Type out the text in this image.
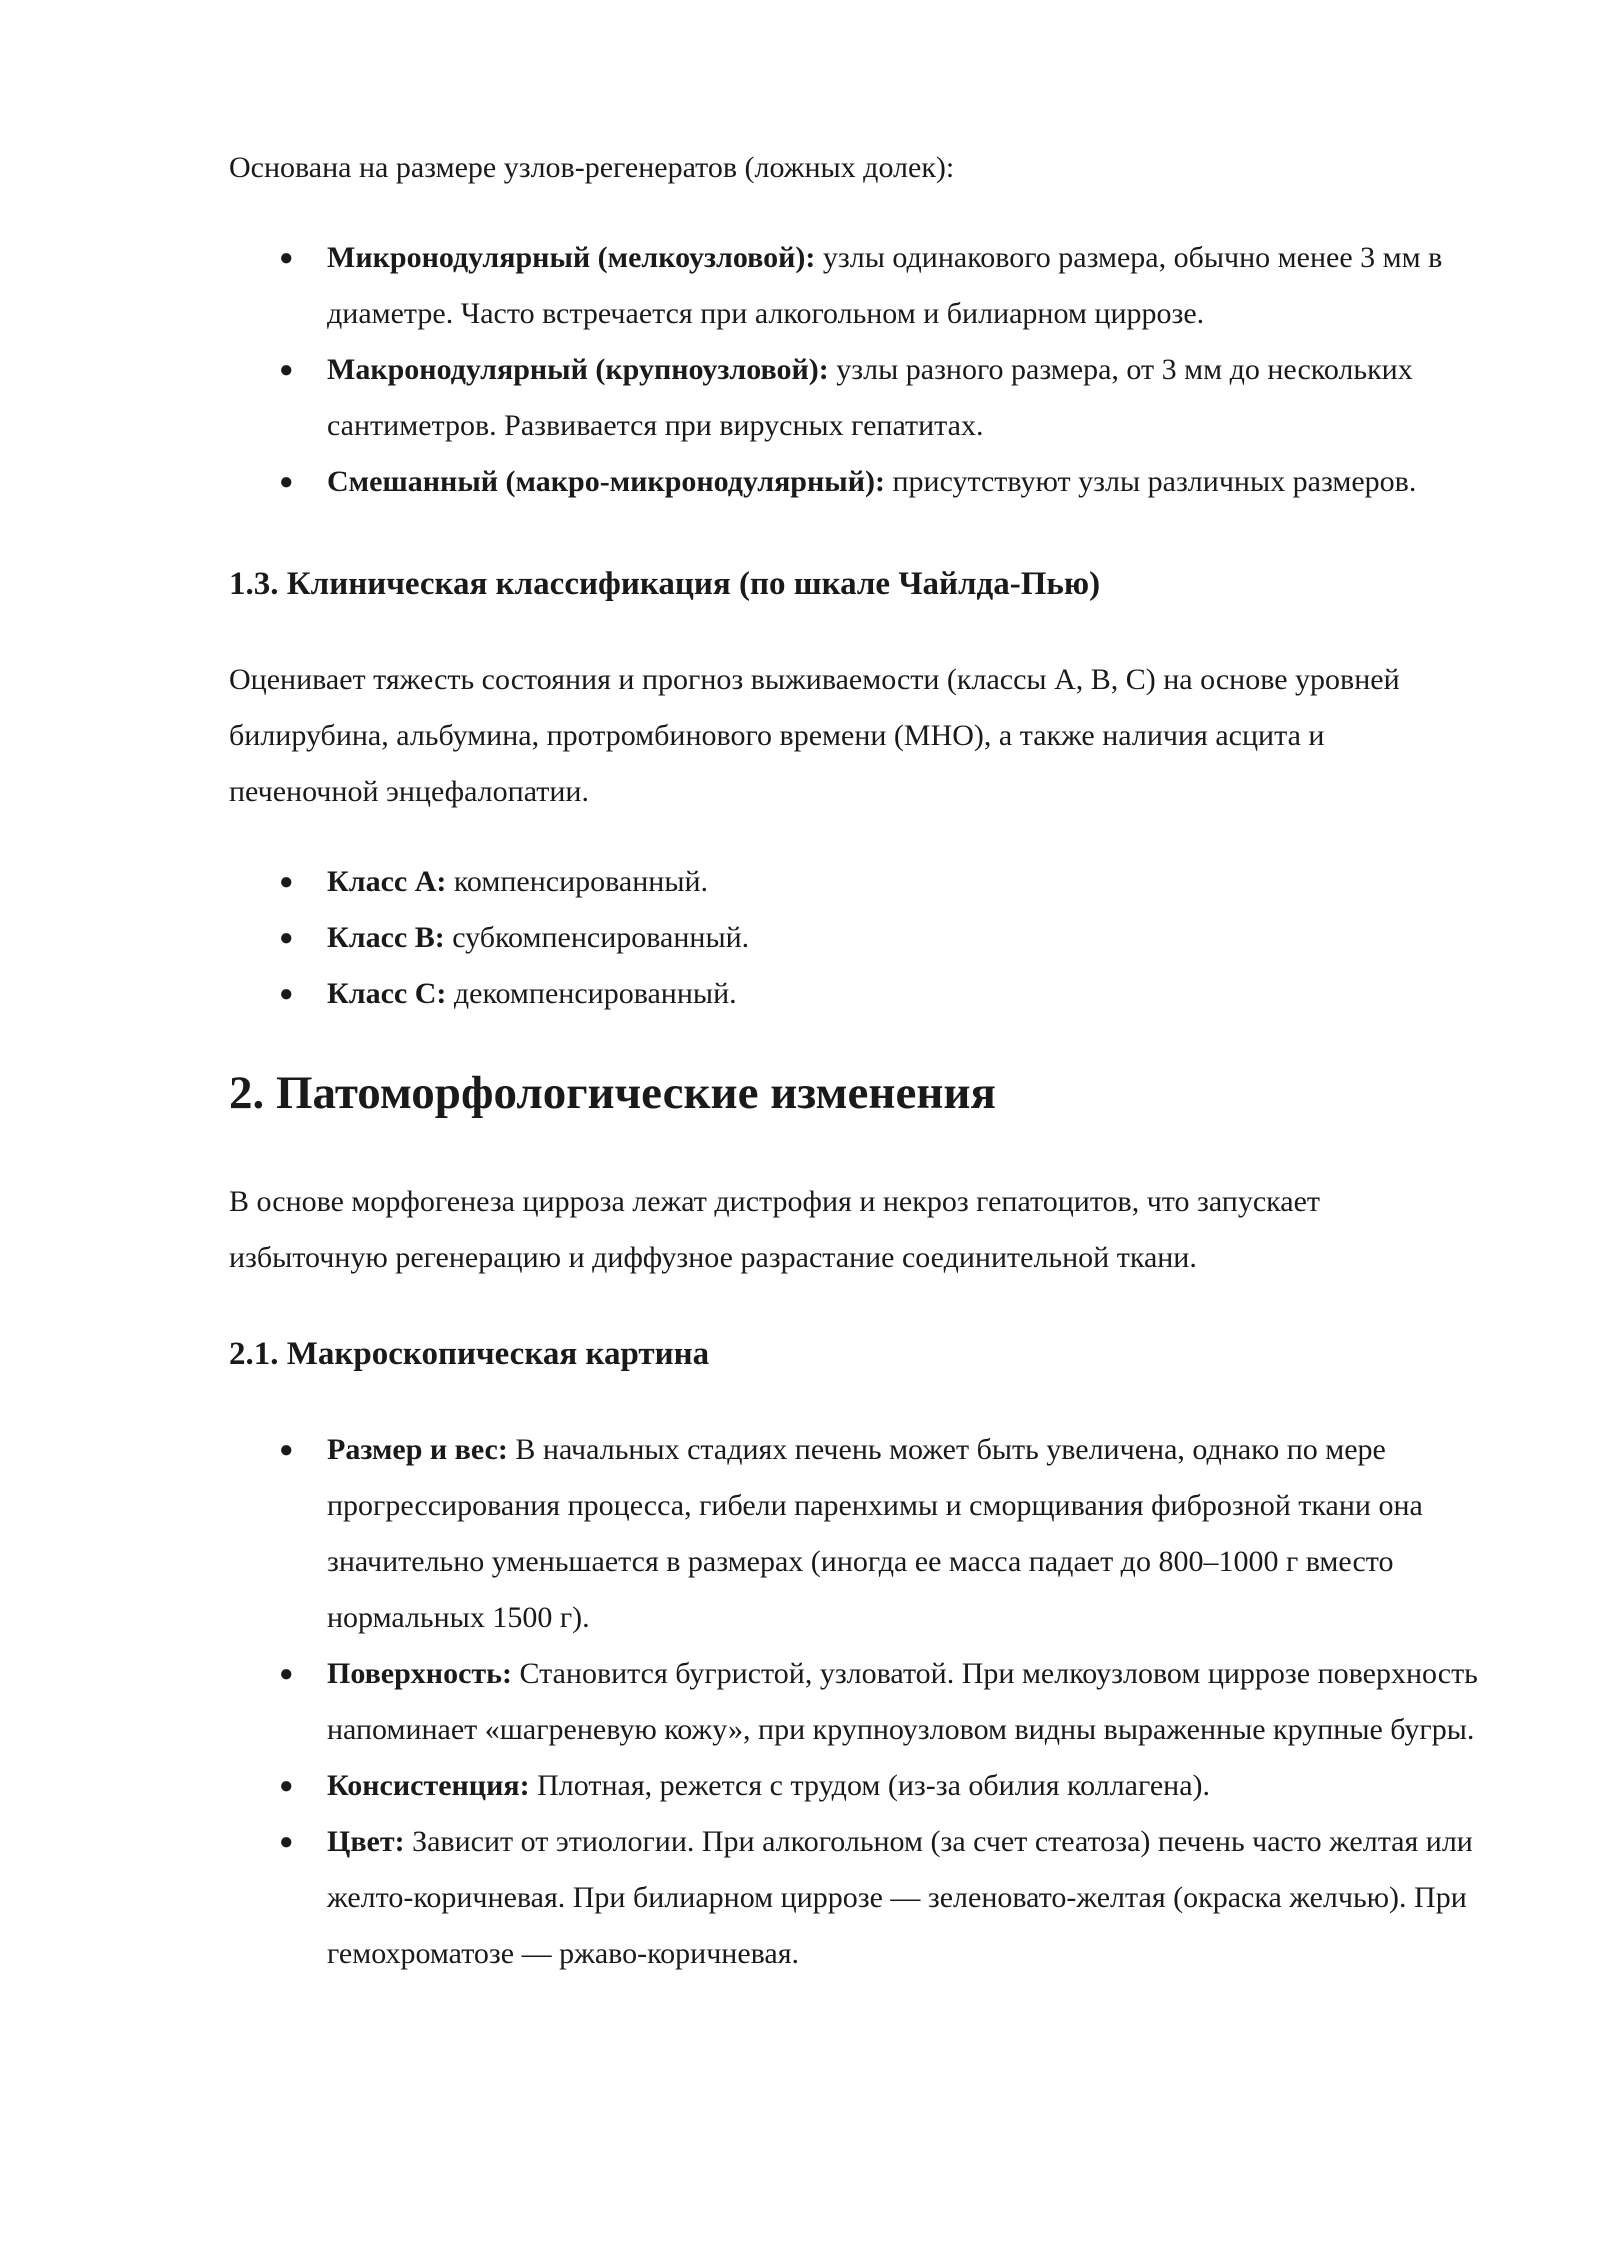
Основана на размере узлов-регенератов (ложных долек):

● Микронодулярный (мелкоузловой): узлы одинакового размера, обычно менее 3 мм в диаметре. Часто встречается при алкогольном и билиарном циррозе.
● Макронодулярный (крупноузловой): узлы разного размера, от 3 мм до нескольких сантиметров. Развивается при вирусных гепатитах.
● Смешанный (макро-микронодулярный): присутствуют узлы различных размеров.
1.3. Клиническая классификация (по шкале Чайлда-Пью)

Оценивает тяжесть состояния и прогноз выживаемости (классы A, B, C) на основе уровней билирубина, альбумина, протромбинового времени (МНО), а также наличия асцита и печеночной энцефалопатии.

● Класс A: компенсированный.
● Класс B: субкомпенсированный.
● Класс C: декомпенсированный.
2. Патоморфологические изменения

В основе морфогенеза цирроза лежат дистрофия и некроз гепатоцитов, что запускает избыточную регенерацию и диффузное разрастание соединительной ткани.

2.1. Макроскопическая картина
● Размер и вес: В начальных стадиях печень может быть увеличена, однако по мере прогрессирования процесса, гибели паренхимы и сморщивания фиброзной ткани она значительно уменьшается в размерах (иногда ее масса падает до 800–1000 г вместо нормальных 1500 г).
● Поверхность: Становится бугристой, узловатой. При мелкоузловом циррозе поверхность напоминает «шагреневую кожу», при крупноузловом видны выраженные крупные бугры.
● Консистенция: Плотная, режется с трудом (из-за обилия коллагена).
● Цвет: Зависит от этиологии. При алкогольном (за счет стеатоза) печень часто желтая или желто-коричневая. При билиарном циррозе — зеленовато-желтая (окраска желчью). При гемохроматозе — ржаво-коричневая.
